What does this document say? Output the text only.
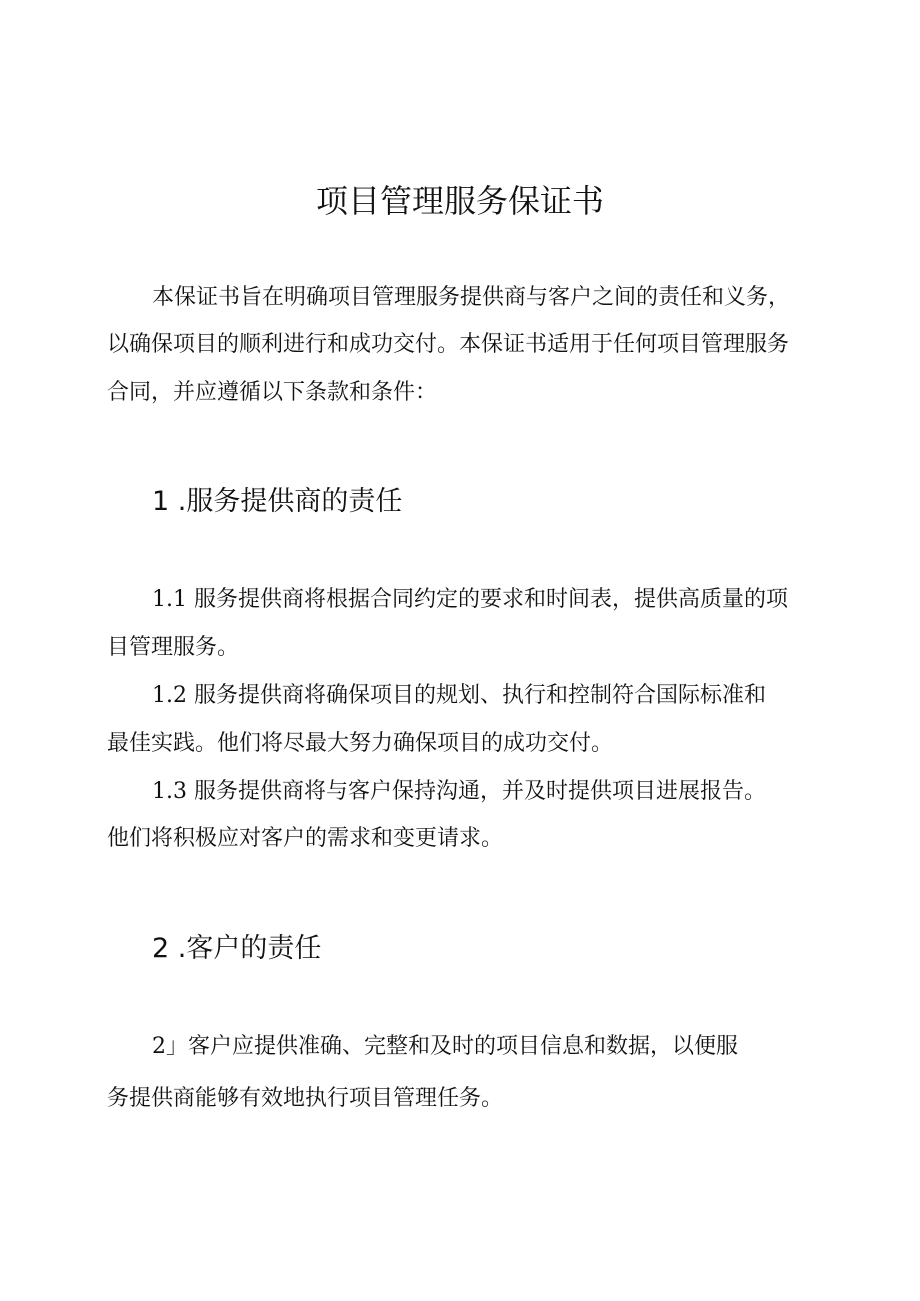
项目管理服务保证书
本保证书旨在明确项目管理服务提供商与客户之间的责任和义务，
以确保项目的顺利进行和成功交付。本保证书适用于任何项目管理服务
合同，并应遵循以下条款和条件：
1 .服务提供商的责任
1.1 服务提供商将根据合同约定的要求和时间表，提供高质量的项
目管理服务。
1.2 服务提供商将确保项目的规划、执行和控制符合国际标准和
最佳实践。他们将尽最大努力确保项目的成功交付。
1.3 服务提供商将与客户保持沟通，并及时提供项目进展报告。
他们将积极应对客户的需求和变更请求。
2 .客户的责任
2」客户应提供准确、完整和及时的项目信息和数据，以便服
务提供商能够有效地执行项目管理任务。
